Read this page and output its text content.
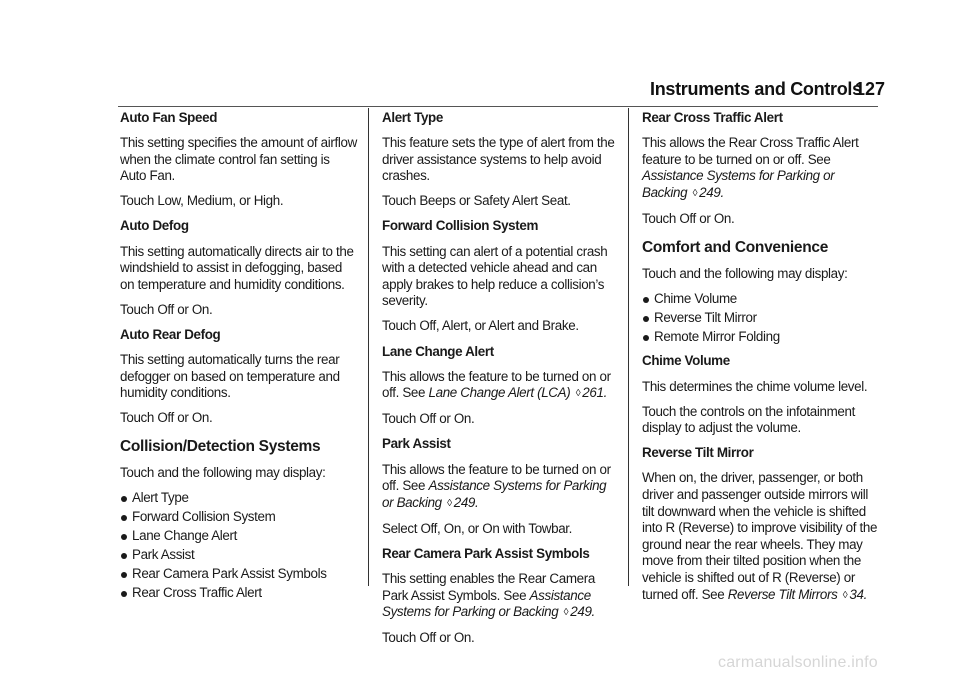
Instruments and Controls
127

Auto Fan Speed

This setting specifies the amount of airflow when the climate control fan setting is Auto Fan.

Touch Low, Medium, or High.

Auto Defog

This setting automatically directs air to the windshield to assist in defogging, based on temperature and humidity conditions.

Touch Off or On.

Auto Rear Defog

This setting automatically turns the rear defogger on based on temperature and humidity conditions.

Touch Off or On.

Collision/Detection Systems

Touch and the following may display:

Alert Type
Forward Collision System
Lane Change Alert
Park Assist
Rear Camera Park Assist Symbols
Rear Cross Traffic Alert

Alert Type

This feature sets the type of alert from the driver assistance systems to help avoid crashes.

Touch Beeps or Safety Alert Seat.

Forward Collision System

This setting can alert of a potential crash with a detected vehicle ahead and can apply brakes to help reduce a collision’s severity.

Touch Off, Alert, or Alert and Brake.

Lane Change Alert

This allows the feature to be turned on or off. See Lane Change Alert (LCA) ◊ 261.

Touch Off or On.

Park Assist

This allows the feature to be turned on or off. See Assistance Systems for Parking or Backing ◊ 249.

Select Off, On, or On with Towbar.

Rear Camera Park Assist Symbols

This setting enables the Rear Camera Park Assist Symbols. See Assistance Systems for Parking or Backing ◊ 249.

Touch Off or On.

Rear Cross Traffic Alert

This allows the Rear Cross Traffic Alert feature to be turned on or off. See Assistance Systems for Parking or Backing ◊ 249.

Touch Off or On.

Comfort and Convenience

Touch and the following may display:

Chime Volume
Reverse Tilt Mirror
Remote Mirror Folding

Chime Volume

This determines the chime volume level.

Touch the controls on the infotainment display to adjust the volume.

Reverse Tilt Mirror

When on, the driver, passenger, or both driver and passenger outside mirrors will tilt downward when the vehicle is shifted into R (Reverse) to improve visibility of the ground near the rear wheels. They may move from their tilted position when the vehicle is shifted out of R (Reverse) or turned off. See Reverse Tilt Mirrors ◊ 34.

carmanualsonline.info
